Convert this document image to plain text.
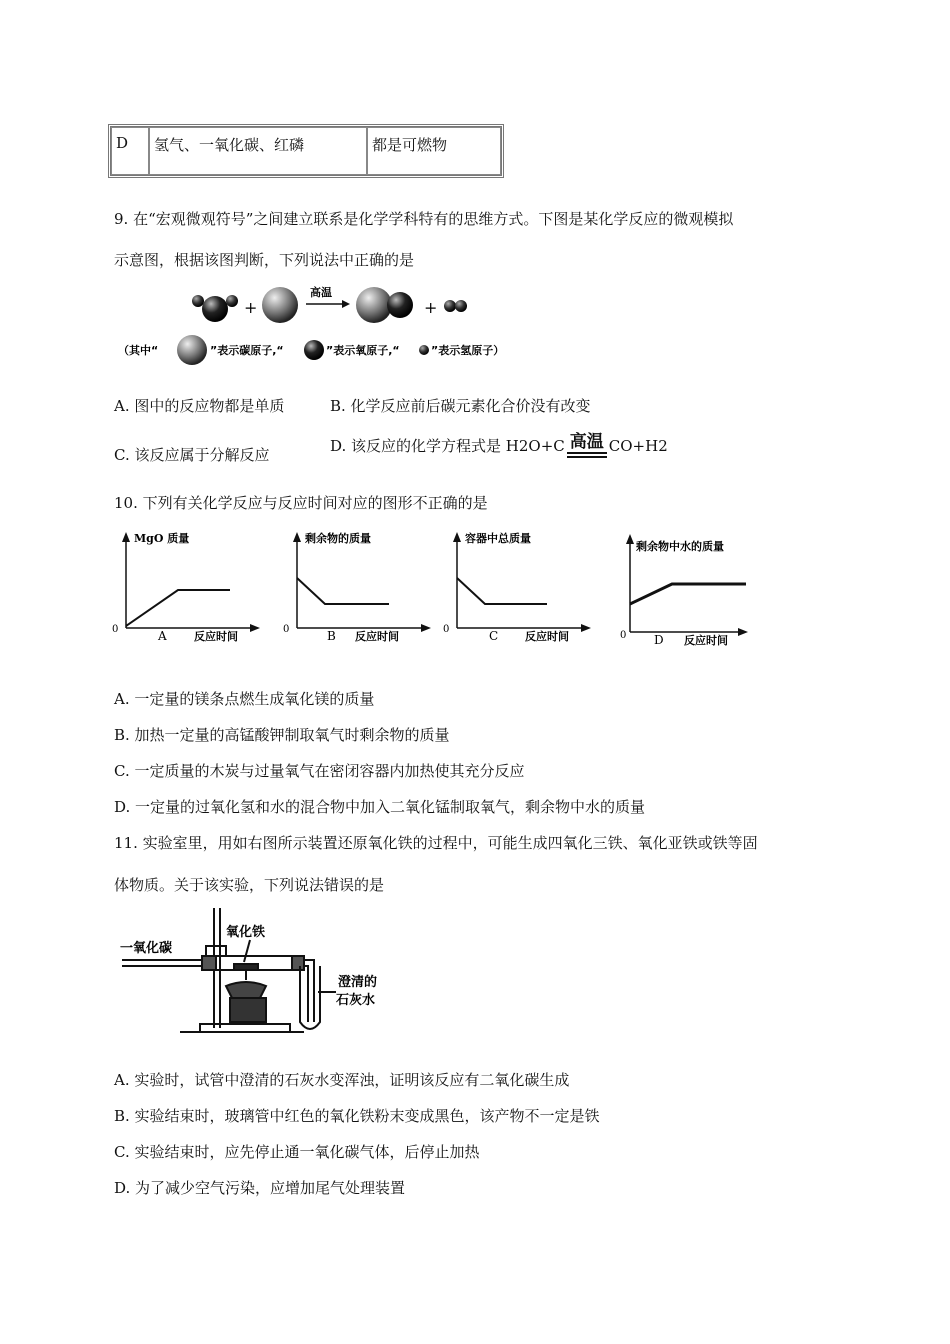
D	氢气、一氧化碳、红磷	都是可燃物
9. 在“宏观微观符号”之间建立联系是化学学科特有的思维方式。下图是某化学反应的微观模拟
示意图，根据该图判断，下列说法中正确的是
+
高温
+
（其中“	”表示碳原子,“	”表示氧原子,“	”表示氢原子）
A. 图中的反应物都是单质	B. 化学反应前后碳元素化合价没有改变
C. 该反应属于分解反应	D. 该反应的化学方程式是 H2O+C 高温 CO+H2
10. 下列有关化学反应与反应时间对应的图形不正确的是
MgO 质量
0	A 反应时间
剩余物的质量
0	B 反应时间
容器中总质量
0	C 反应时间
剩余物中水的质量
0 D 反应时间
A. 一定量的镁条点燃生成氧化镁的质量
B. 加热一定量的高锰酸钾制取氧气时剩余物的质量
C. 一定质量的木炭与过量氧气在密闭容器内加热使其充分反应
D. 一定量的过氧化氢和水的混合物中加入二氧化锰制取氧气，剩余物中水的质量
11. 实验室里，用如右图所示装置还原氧化铁的过程中，可能生成四氧化三铁、氧化亚铁或铁等固
体物质。关于该实验，下列说法错误的是
一氧化碳
氧化铁
澄清的
石灰水
A. 实验时，试管中澄清的石灰水变浑浊，证明该反应有二氧化碳生成
B. 实验结束时，玻璃管中红色的氧化铁粉末变成黑色，该产物不一定是铁
C. 实验结束时，应先停止通一氧化碳气体，后停止加热
D. 为了减少空气污染，应增加尾气处理装置
